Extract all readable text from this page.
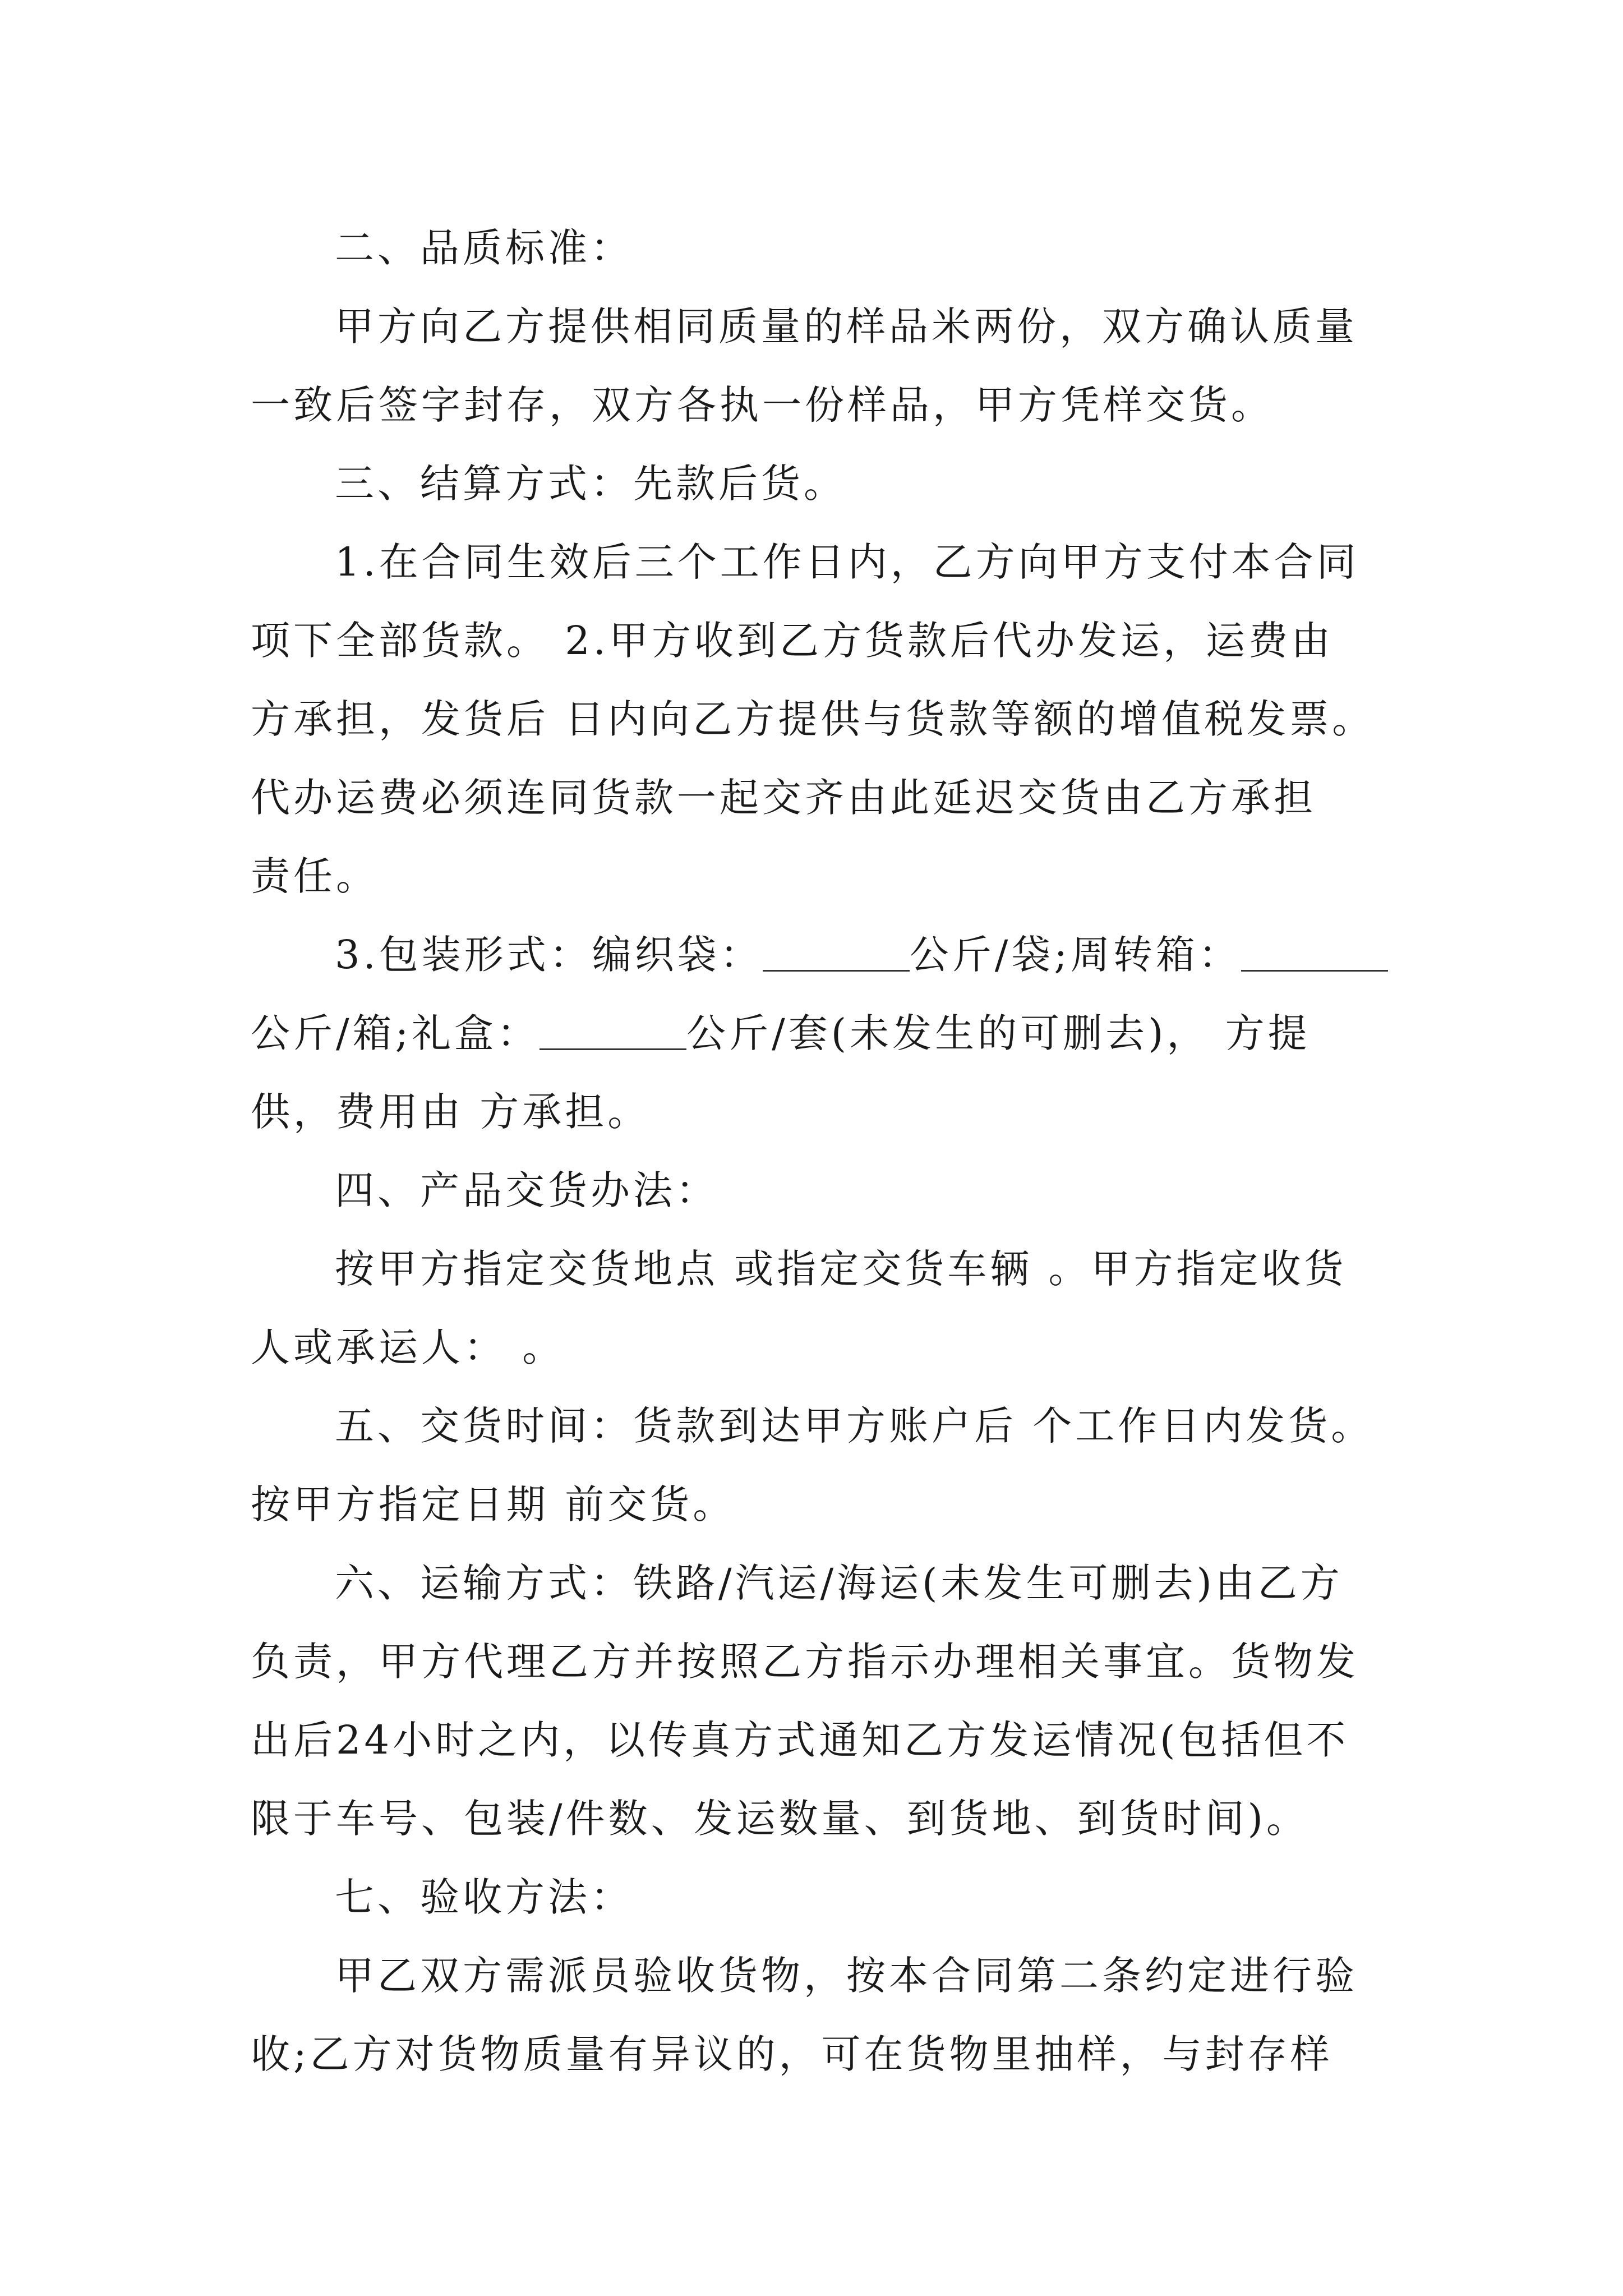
二、品质标准：
甲方向乙方提供相同质量的样品米两份，双方确认质量
一致后签字封存，双方各执一份样品，甲方凭样交货。
三、结算方式：先款后货。
1.在合同生效后三个工作日内，乙方向甲方支付本合同
项下全部货款。 2.甲方收到乙方货款后代办发运，运费由
方承担，发货后 日内向乙方提供与货款等额的增值税发票。
代办运费必须连同货款一起交齐由此延迟交货由乙方承担
责任。
3.包装形式：编织袋：	公斤/袋;周转箱：
公斤/箱;礼盒：	公斤/套(未发生的可删去)， 方提
供，费用由 方承担。
四、产品交货办法：
按甲方指定交货地点 或指定交货车辆 。甲方指定收货
人或承运人： 。
五、交货时间：货款到达甲方账户后 个工作日内发货。
按甲方指定日期 前交货。
六、运输方式：铁路/汽运/海运(未发生可删去)由乙方
负责，甲方代理乙方并按照乙方指示办理相关事宜。货物发
出后24小时之内，以传真方式通知乙方发运情况(包括但不
限于车号、包装/件数、发运数量、到货地、到货时间)。
七、验收方法：
甲乙双方需派员验收货物，按本合同第二条约定进行验
收;乙方对货物质量有异议的，可在货物里抽样，与封存样
